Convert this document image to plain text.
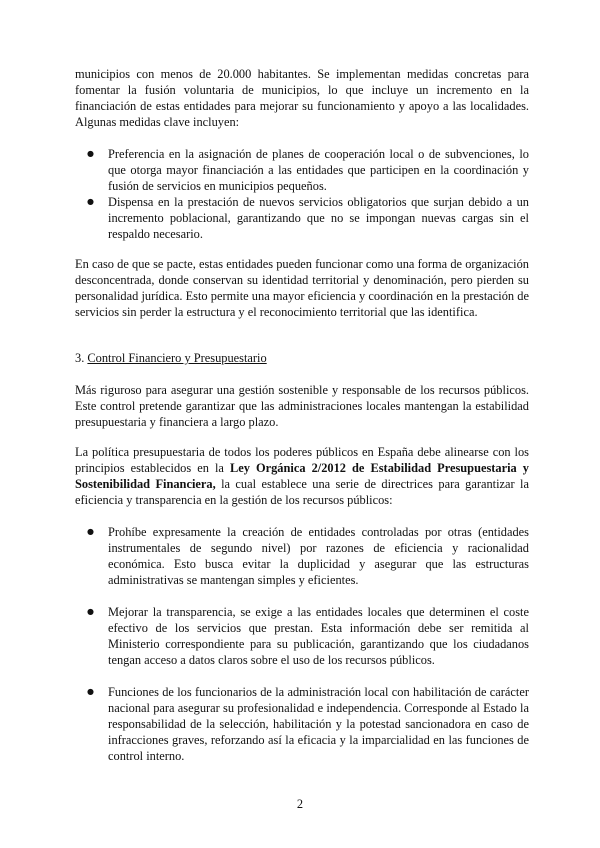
municipios con menos de 20.000 habitantes. Se implementan medidas concretas para fomentar la fusión voluntaria de municipios, lo que incluye un incremento en la financiación de estas entidades para mejorar su funcionamiento y apoyo a las localidades. Algunas medidas clave incluyen:

● Preferencia en la asignación de planes de cooperación local o de subvenciones, lo que otorga mayor financiación a las entidades que participen en la coordinación y fusión de servicios en municipios pequeños.
● Dispensa en la prestación de nuevos servicios obligatorios que surjan debido a un incremento poblacional, garantizando que no se impongan nuevas cargas sin el respaldo necesario.

En caso de que se pacte, estas entidades pueden funcionar como una forma de organización desconcentrada, donde conservan su identidad territorial y denominación, pero pierden su personalidad jurídica. Esto permite una mayor eficiencia y coordinación en la prestación de servicios sin perder la estructura y el reconocimiento territorial que las identifica.

3. Control Financiero y Presupuestario

Más riguroso para asegurar una gestión sostenible y responsable de los recursos públicos. Este control pretende garantizar que las administraciones locales mantengan la estabilidad presupuestaria y financiera a largo plazo.

La política presupuestaria de todos los poderes públicos en España debe alinearse con los principios establecidos en la Ley Orgánica 2/2012 de Estabilidad Presupuestaria y Sostenibilidad Financiera, la cual establece una serie de directrices para garantizar la eficiencia y transparencia en la gestión de los recursos públicos:

● Prohíbe expresamente la creación de entidades controladas por otras (entidades instrumentales de segundo nivel) por razones de eficiencia y racionalidad económica. Esto busca evitar la duplicidad y asegurar que las estructuras administrativas se mantengan simples y eficientes.
● Mejorar la transparencia, se exige a las entidades locales que determinen el coste efectivo de los servicios que prestan. Esta información debe ser remitida al Ministerio correspondiente para su publicación, garantizando que los ciudadanos tengan acceso a datos claros sobre el uso de los recursos públicos.
● Funciones de los funcionarios de la administración local con habilitación de carácter nacional para asegurar su profesionalidad e independencia. Corresponde al Estado la responsabilidad de la selección, habilitación y la potestad sancionadora en caso de infracciones graves, reforzando así la eficacia y la imparcialidad en las funciones de control interno.
2
